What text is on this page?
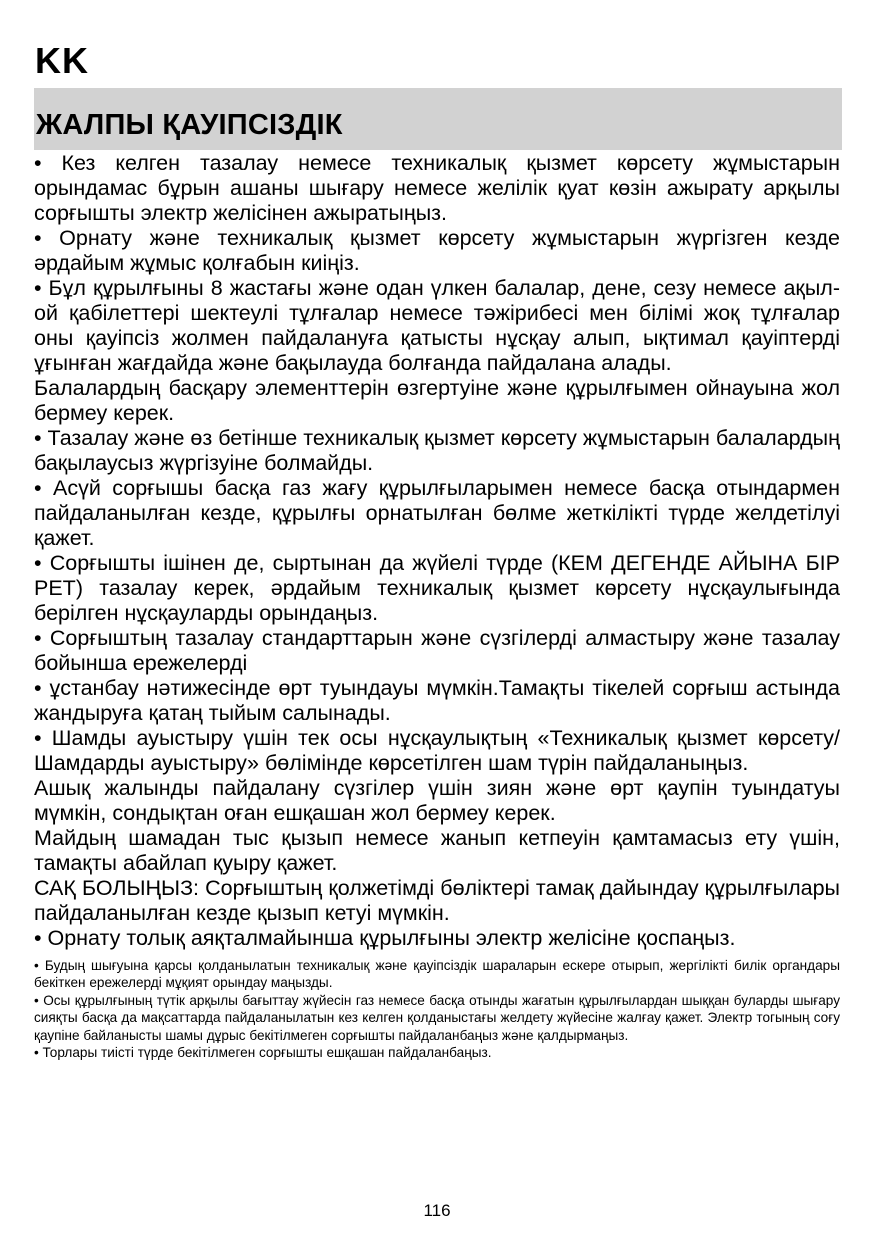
KK
ЖАЛПЫ ҚАУІПСІЗДІК

• Кез келген тазалау немесе техникалық қызмет көрсету жұмыстарын орындамас бұрын ашаны шығару немесе желілік қуат көзін ажырату арқылы сорғышты электр желісінен ажыратыңыз.

• Орнату және техникалық қызмет көрсету жұмыстарын жүргізген кезде әрдайым жұмыс қолғабын киіңіз.

• Бұл құрылғыны 8 жастағы және одан үлкен балалар, дене, сезу немесе ақыл-ой қабілеттері шектеулі тұлғалар немесе тәжірибесі мен білімі жоқ тұлғалар оны қауіпсіз жолмен пайдалануға қатысты нұсқау алып, ықтимал қауіптерді ұғынған жағдайда және бақылауда болғанда пайдалана алады.

Балалардың басқару элементтерін өзгертуіне және құрылғымен ойнауына жол бермеу керек.

• Тазалау және өз бетінше техникалық қызмет көрсету жұмыстарын балалардың бақылаусыз жүргізуіне болмайды.

• Асүй сорғышы басқа газ жағу құрылғыларымен немесе басқа отындармен пайдаланылған кезде, құрылғы орнатылған бөлме жеткілікті түрде желдетілуі қажет.

• Сорғышты ішінен де, сыртынан да жүйелі түрде (КЕМ ДЕГЕНДЕ АЙЫНА БІР РЕТ) тазалау керек, әрдайым техникалық қызмет көрсету нұсқаулығында берілген нұсқауларды орындаңыз.

• Сорғыштың тазалау стандарттарын және сүзгілерді алмастыру және тазалау бойынша ережелерді

• ұстанбау нәтижесінде өрт туындауы мүмкін.Тамақты тікелей сорғыш астында жандыруға қатаң тыйым салынады.

• Шамды ауыстыру үшін тек осы нұсқаулықтың «Техникалық қызмет көрсету/Шамдарды ауыстыру» бөлімінде көрсетілген шам түрін пайдаланыңыз.

Ашық жалынды пайдалану сүзгілер үшін зиян және өрт қаупін туындатуы мүмкін, сондықтан оған ешқашан жол бермеу керек.

Майдың шамадан тыс қызып немесе жанып кетпеуін қамтамасыз ету үшін, тамақты абайлап қуыру қажет.

САҚ БОЛЫҢЫЗ: Сорғыштың қолжетімді бөліктері тамақ дайындау құрылғылары пайдаланылған кезде қызып кетуі мүмкін.

• Орнату толық аяқталмайынша құрылғыны электр желісіне қоспаңыз.

• Будың шығуына қарсы қолданылатын техникалық және қауіпсіздік шараларын ескере отырып, жергілікті билік органдары бекіткен ережелерді мұқият орындау маңызды.

• Осы құрылғының түтік арқылы бағыттау жүйесін газ немесе басқа отынды жағатын құрылғылардан шыққан буларды шығару сияқты басқа да мақсаттарда пайдаланылатын кез келген қолданыстағы желдету жүйесіне жалғау қажет. Электр тогының соғу қаупіне байланысты шамы дұрыс бекітілмеген сорғышты пайдаланбаңыз және қалдырмаңыз.

• Торлары тиісті түрде бекітілмеген сорғышты ешқашан пайдаланбаңыз.

116
